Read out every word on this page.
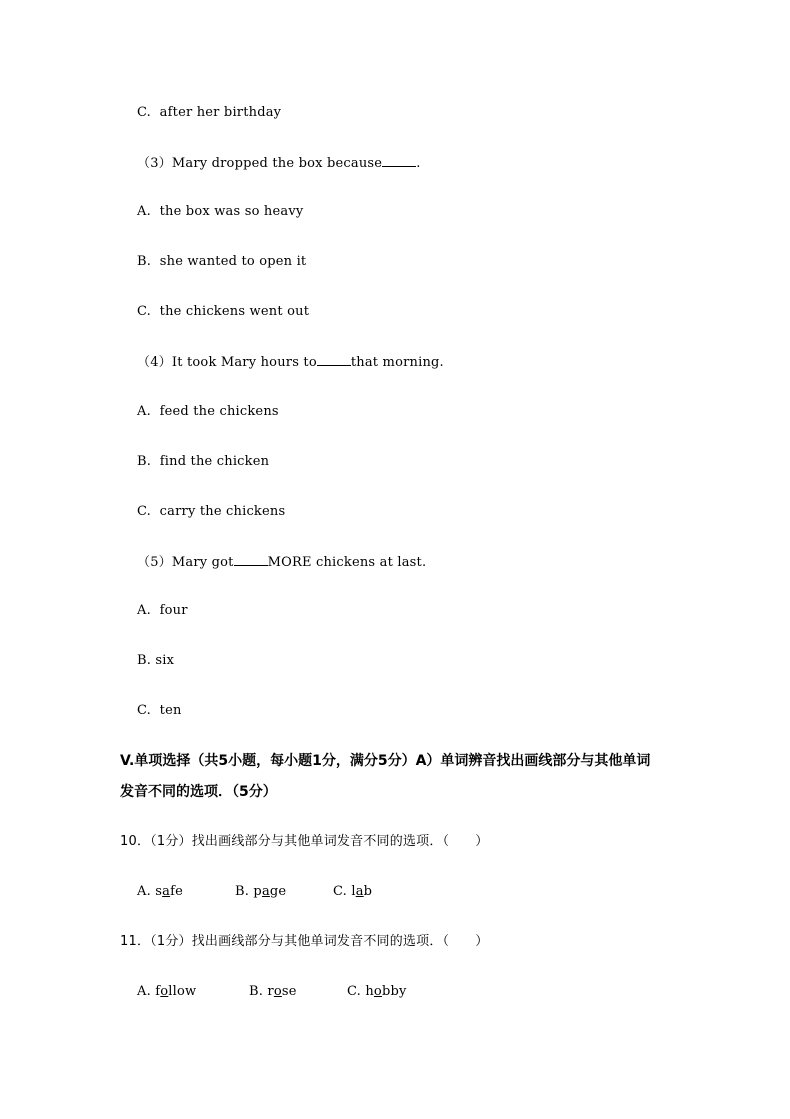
C.  after her birthday
（3）Mary dropped the box because	.
A.  the box was so heavy
B.  she wanted to open it
C.  the chickens went out
（4）It took Mary hours to	that morning.
A.  feed the chickens
B.  find the chicken
C.  carry the chickens
（5）Mary got	MORE chickens at last.
A.  four
B. six
C.  ten
V.单项选择（共5小题，每小题1分，满分5分）A）单词辨音找出画线部分与其他单词
发音不同的选项．（5分）
10．（1分）找出画线部分与其他单词发音不同的选项．（      ）
A. safe	B. page	C. lab
11．（1分）找出画线部分与其他单词发音不同的选项．（      ）
A. follow	B. rose	C. hobby
